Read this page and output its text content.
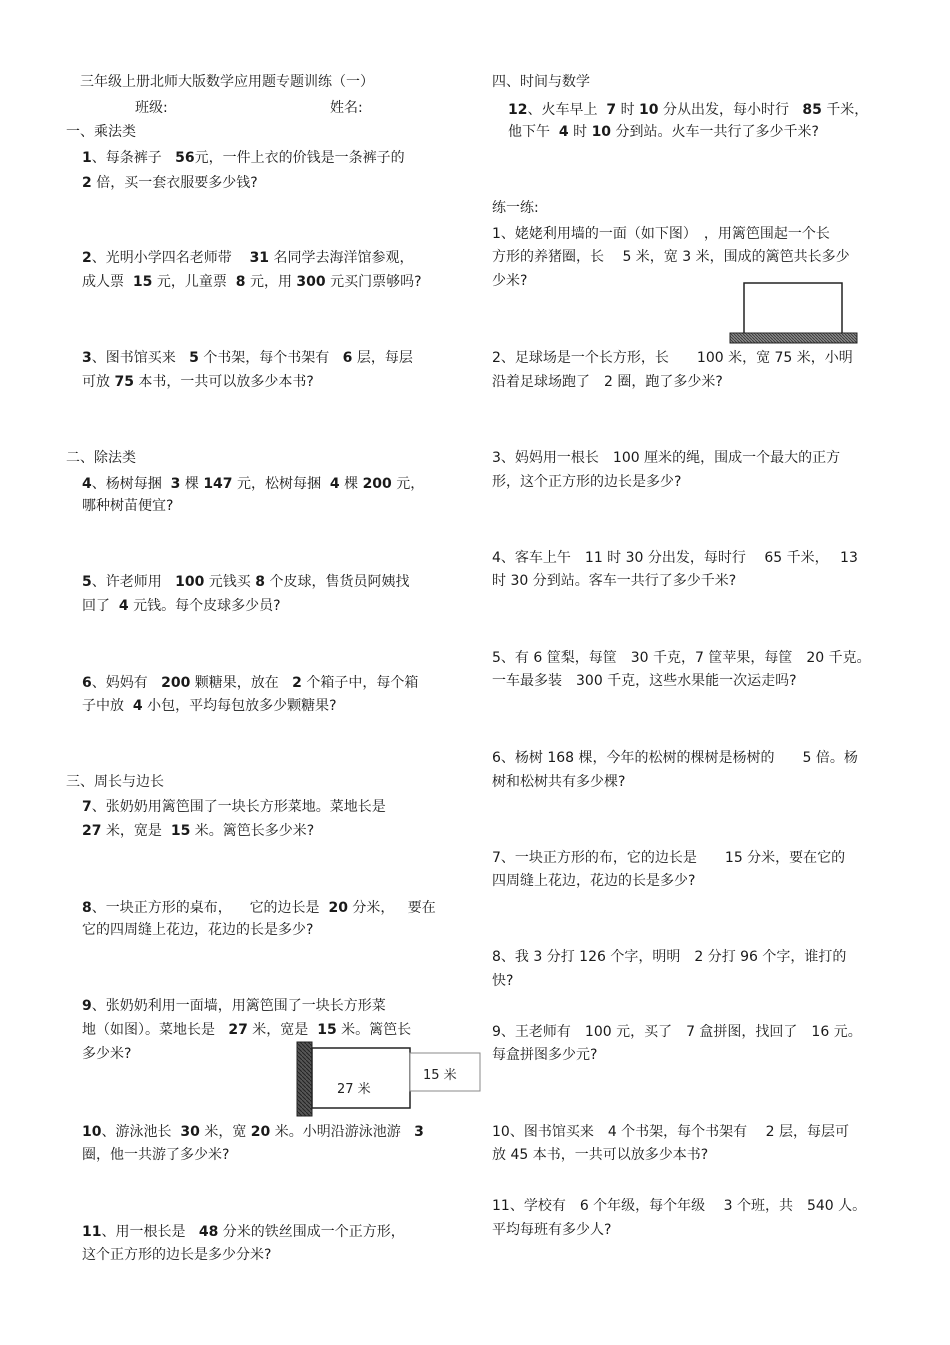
三年级上册北师大版数学应用题专题训练（一）
班级:	姓名:
一、乘法类
1、每条裤子 56元，一件上衣的价钱是一条裤子的
2 倍，买一套衣服要多少钱?
2、光明小学四名老师带 31 名同学去海洋馆参观，
成人票 15 元，儿童票 8 元，用 300 元买门票够吗?
3、图书馆买来 5 个书架，每个书架有 6 层，每层
可放 75 本书，一共可以放多少本书?
二、除法类
4、杨树每捆 3 棵 147 元，松树每捆 4 棵 200 元，
哪种树苗便宜?
5、许老师用 100 元钱买 8 个皮球，售货员阿姨找
回了 4 元钱。每个皮球多少员?
6、妈妈有 200 颗糖果，放在 2 个箱子中，每个箱
子中放 4 小包，平均每包放多少颗糖果?
三、周长与边长
7、张奶奶用篱笆围了一块长方形菜地。菜地长是
27 米，宽是 15 米。篱笆长多少米?
8、一块正方形的桌布， 它的边长是 20 分米， 要在
它的四周缝上花边，花边的长是多少?
9、张奶奶利用一面墙，用篱笆围了一块长方形菜
地（如图）。菜地长是 27 米，宽是 15 米。篱笆长
多少米?
27 米
15 米
10、游泳池长 30 米，宽 20 米。小明沿游泳池游 3
圈，他一共游了多少米?
11、用一根长是 48 分米的铁丝围成一个正方形，
这个正方形的边长是多少分米?
四、时间与数学
12、火车早上 7 时 10 分从出发，每小时行 85 千米，
他下午 4 时 10 分到站。火车一共行了多少千米?
练一练:
1、姥姥利用墙的一面（如下图）　，用篱笆围起一个长
方形的养猪圈，长　 5 米，宽 3 米，围成的篱笆共长多少
少米?
2、足球场是一个长方形，长　　100 米，宽 75 米，小明
沿着足球场跑了　2 圈，跑了多少米?
3、妈妈用一根长　100 厘米的绳，围成一个最大的正方
形，这个正方形的边长是多少?
4、客车上午　11 时 30 分出发，每时行　 65 千米，　 13
时 30 分到站。客车一共行了多少千米?
5、有 6 筐梨，每筐　30 千克，7 筐苹果，每筐　20 千克。
一车最多装　300 千克，这些水果能一次运走吗?
6、杨树 168 棵，今年的松树的棵树是杨树的　　5 倍。杨
树和松树共有多少棵?
7、一块正方形的布，它的边长是　　15 分米，要在它的
四周缝上花边，花边的长是多少?
8、我 3 分打 126 个字，明明　2 分打 96 个字，谁打的
快?
9、王老师有　100 元，买了　7 盒拼图，找回了　16 元。
每盒拼图多少元?
10、图书馆买来　4 个书架，每个书架有　 2 层，每层可
放 45 本书，一共可以放多少本书?
11、学校有　6 个年级，每个年级　 3 个班，共　540 人。
平均每班有多少人?
